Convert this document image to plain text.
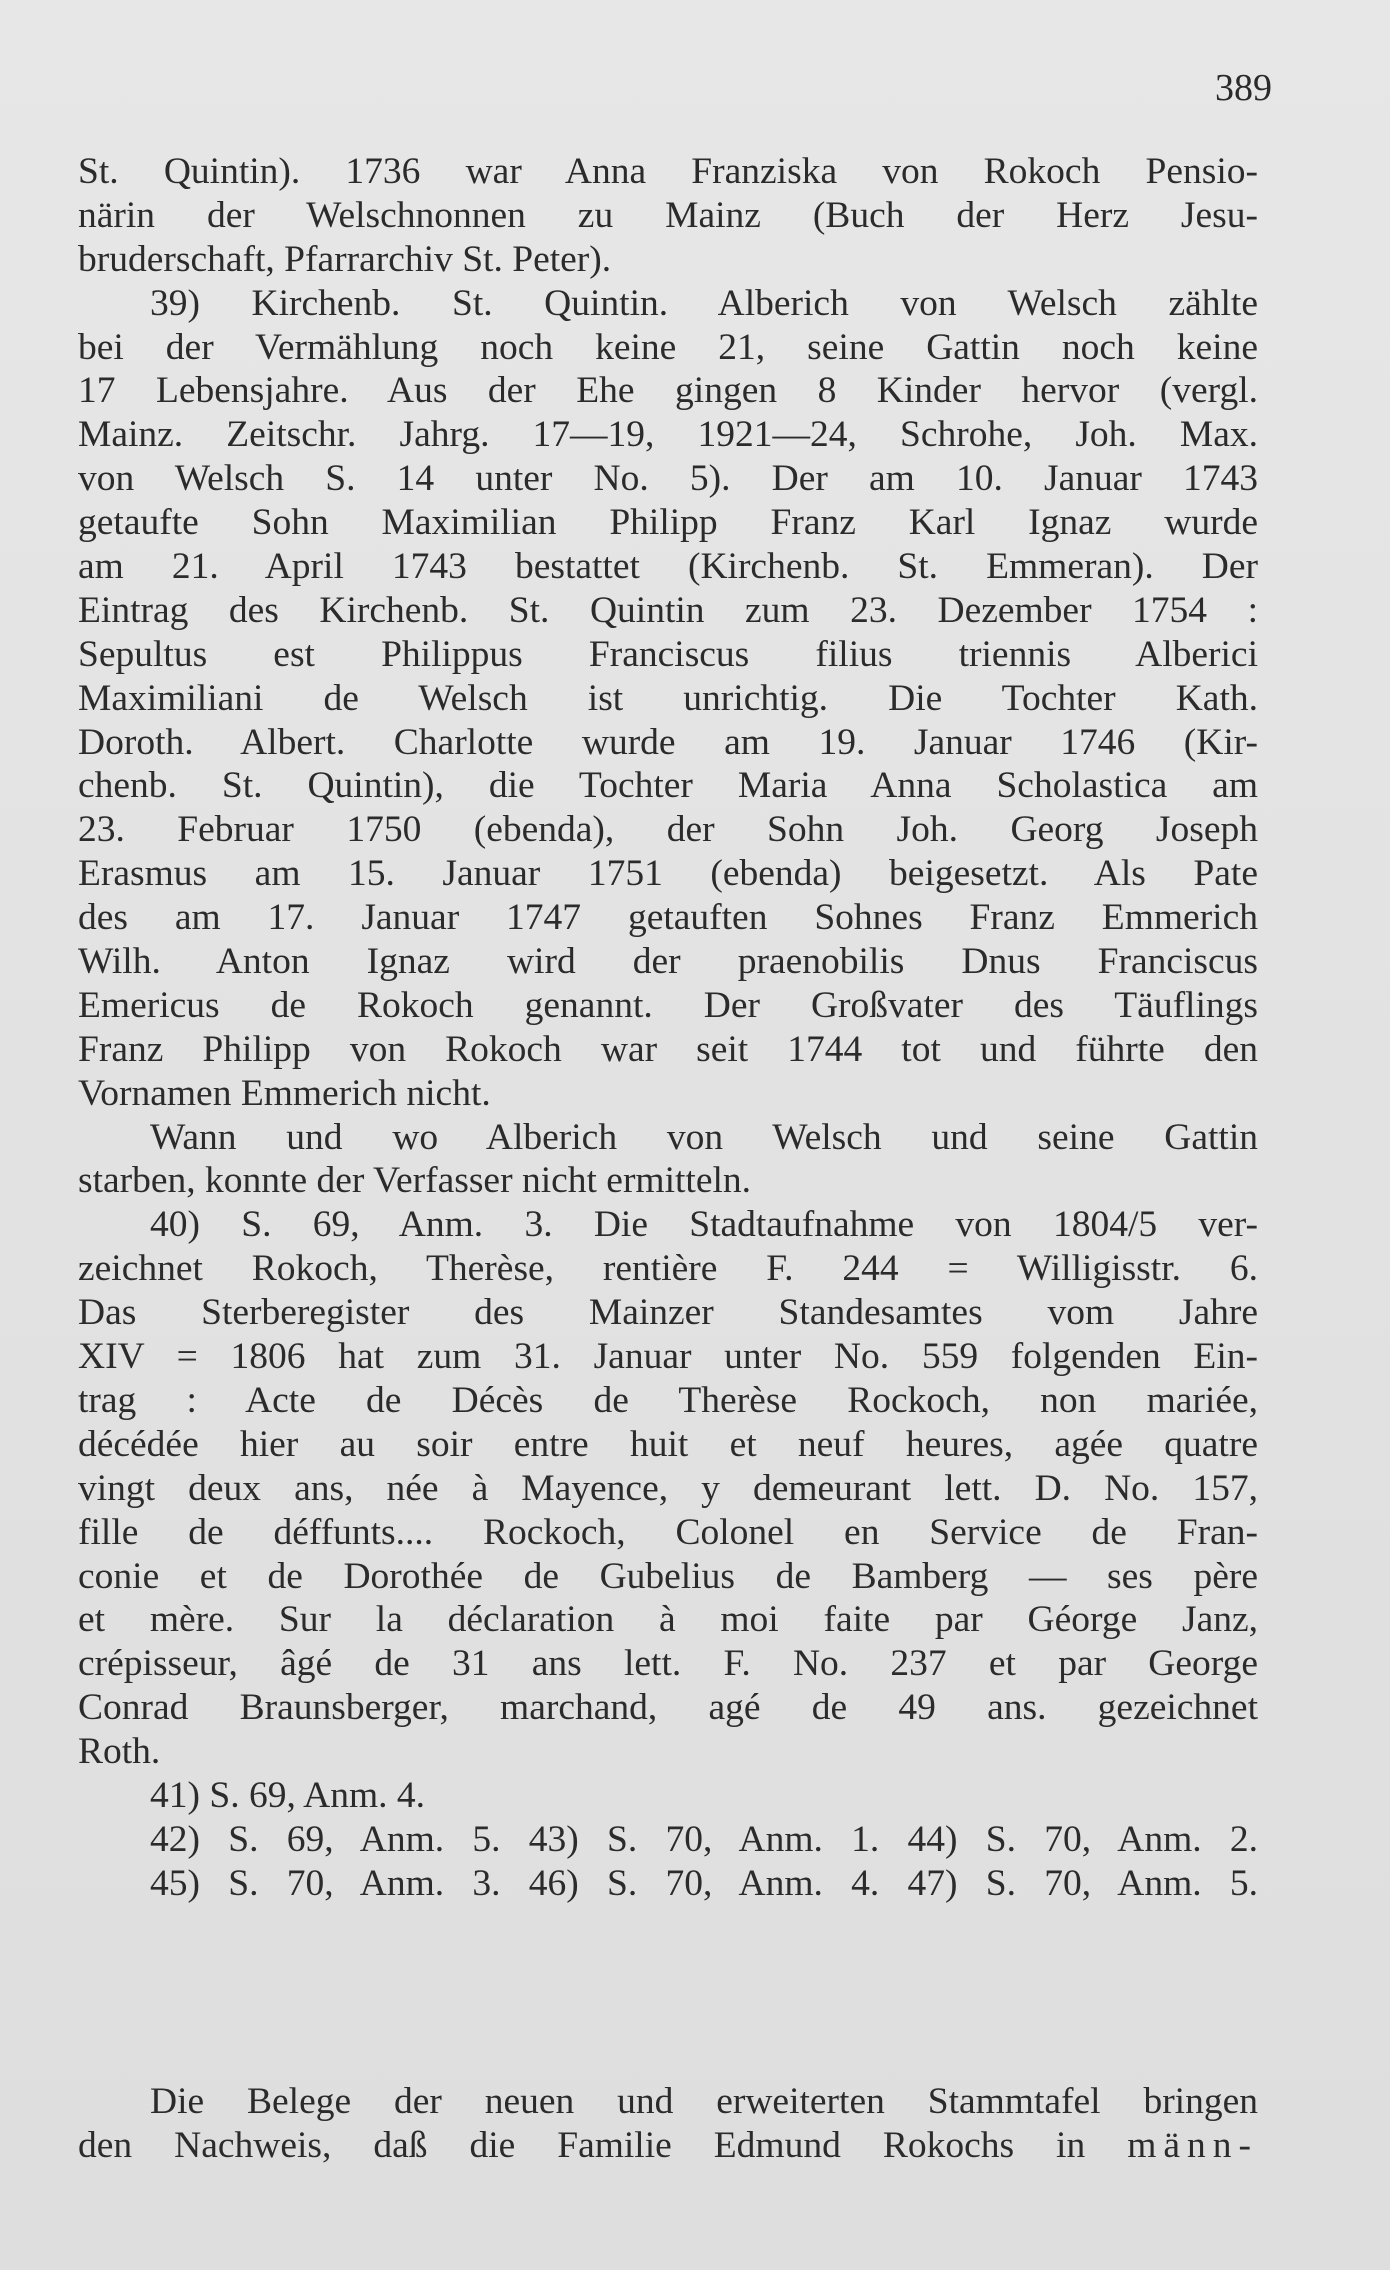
389
St. Quintin). 1736 war Anna Franziska von Rokoch Pensio-
närin der Welschnonnen zu Mainz (Buch der Herz Jesu-
bruderschaft, Pfarrarchiv St. Peter).
39) Kirchenb. St. Quintin. Alberich von Welsch zählte
bei der Vermählung noch keine 21, seine Gattin noch keine
17 Lebensjahre. Aus der Ehe gingen 8 Kinder hervor (vergl.
Mainz. Zeitschr. Jahrg. 17—19, 1921—24, Schrohe, Joh. Max.
von Welsch S. 14 unter No. 5). Der am 10. Januar 1743
getaufte Sohn Maximilian Philipp Franz Karl Ignaz wurde
am 21. April 1743 bestattet (Kirchenb. St. Emmeran). Der
Eintrag des Kirchenb. St. Quintin zum 23. Dezember 1754 :
Sepultus est Philippus Franciscus filius triennis Alberici
Maximiliani de Welsch ist unrichtig. Die Tochter Kath.
Doroth. Albert. Charlotte wurde am 19. Januar 1746 (Kir-
chenb. St. Quintin), die Tochter Maria Anna Scholastica am
23. Februar 1750 (ebenda), der Sohn Joh. Georg Joseph
Erasmus am 15. Januar 1751 (ebenda) beigesetzt. Als Pate
des am 17. Januar 1747 getauften Sohnes Franz Emmerich
Wilh. Anton Ignaz wird der praenobilis Dnus Franciscus
Emericus de Rokoch genannt. Der Großvater des Täuflings
Franz Philipp von Rokoch war seit 1744 tot und führte den
Vornamen Emmerich nicht.
Wann und wo Alberich von Welsch und seine Gattin
starben, konnte der Verfasser nicht ermitteln.
40) S. 69, Anm. 3. Die Stadtaufnahme von 1804/5 ver-
zeichnet Rokoch, Therèse, rentière F. 244 = Willigisstr. 6.
Das Sterberegister des Mainzer Standesamtes vom Jahre
XIV = 1806 hat zum 31. Januar unter No. 559 folgenden Ein-
trag : Acte de Décès de Therèse Rockoch, non mariée,
décédée hier au soir entre huit et neuf heures, agée quatre
vingt deux ans, née à Mayence, y demeurant lett. D. No. 157,
fille de déffunts.... Rockoch, Colonel en Service de Fran-
conie et de Dorothée de Gubelius de Bamberg — ses père
et mère. Sur la déclaration à moi faite par Géorge Janz,
crépisseur, âgé de 31 ans lett. F. No. 237 et par George
Conrad Braunsberger, marchand, agé de 49 ans. gezeichnet
Roth.
41) S. 69, Anm. 4.
42) S. 69, Anm. 5. 43) S. 70, Anm. 1. 44) S. 70, Anm. 2.
45) S. 70, Anm. 3. 46) S. 70, Anm. 4. 47) S. 70, Anm. 5.
Die Belege der neuen und erweiterten Stammtafel bringen
den Nachweis, daß die Familie Edmund Rokochs in männ-
